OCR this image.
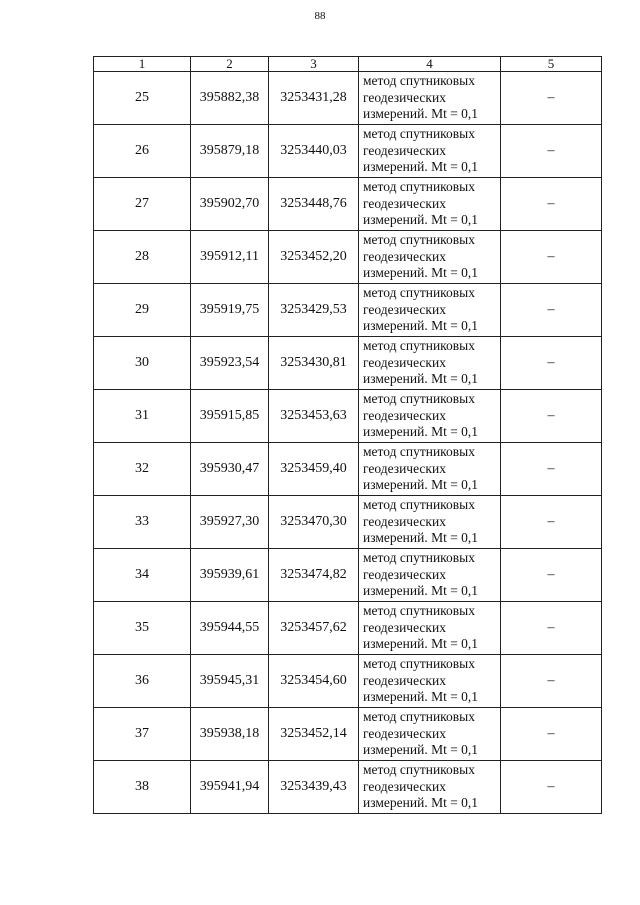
88
1	2	3	4	5
25	395882,38	3253431,28	метод спутниковых
геодезических
измерений. Mt = 0,1	–
26	395879,18	3253440,03	метод спутниковых
геодезических
измерений. Mt = 0,1	–
27	395902,70	3253448,76	метод спутниковых
геодезических
измерений. Mt = 0,1	–
28	395912,11	3253452,20	метод спутниковых
геодезических
измерений. Mt = 0,1	–
29	395919,75	3253429,53	метод спутниковых
геодезических
измерений. Mt = 0,1	–
30	395923,54	3253430,81	метод спутниковых
геодезических
измерений. Mt = 0,1	–
31	395915,85	3253453,63	метод спутниковых
геодезических
измерений. Mt = 0,1	–
32	395930,47	3253459,40	метод спутниковых
геодезических
измерений. Mt = 0,1	–
33	395927,30	3253470,30	метод спутниковых
геодезических
измерений. Mt = 0,1	–
34	395939,61	3253474,82	метод спутниковых
геодезических
измерений. Mt = 0,1	–
35	395944,55	3253457,62	метод спутниковых
геодезических
измерений. Mt = 0,1	–
36	395945,31	3253454,60	метод спутниковых
геодезических
измерений. Mt = 0,1	–
37	395938,18	3253452,14	метод спутниковых
геодезических
измерений. Mt = 0,1	–
38	395941,94	3253439,43	метод спутниковых
геодезических
измерений. Mt = 0,1	–
